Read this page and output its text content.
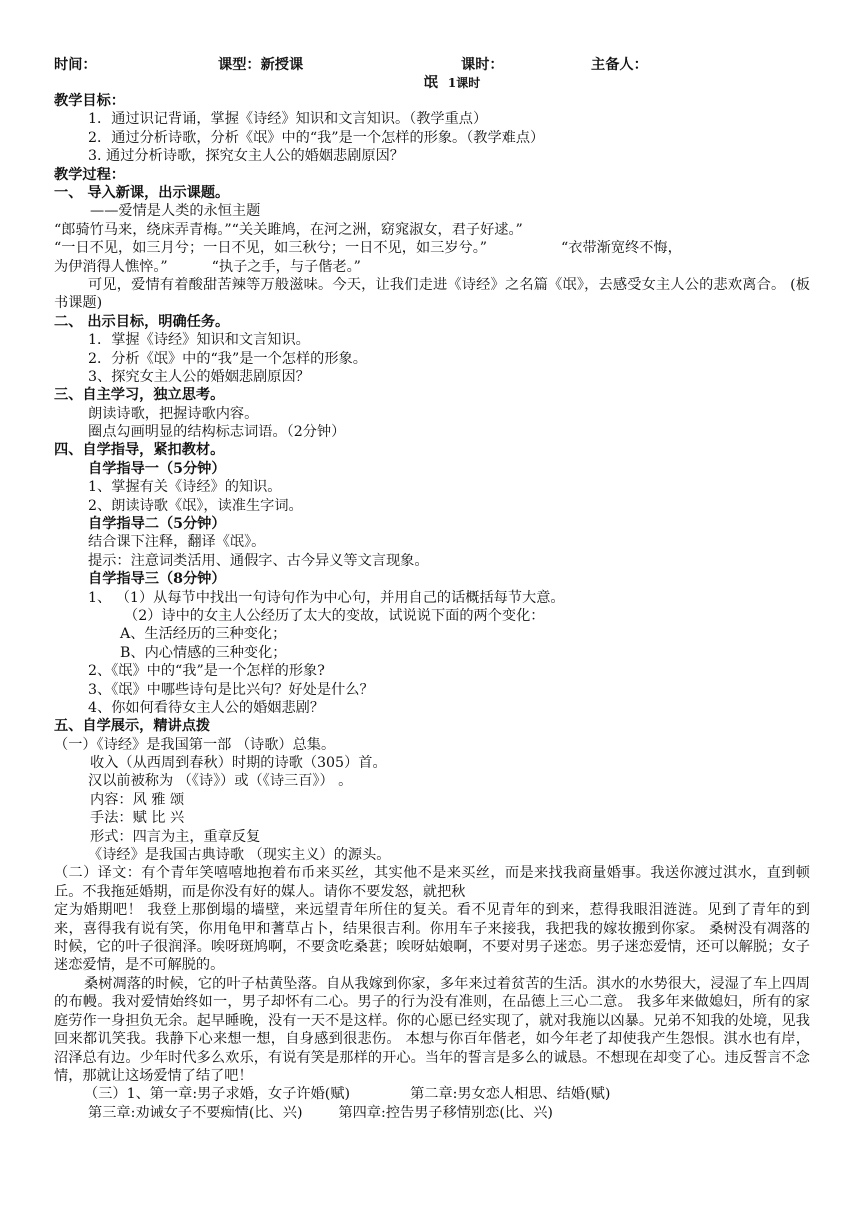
时间：	课型：新授课	课时：	主备人：
氓 1课时
教学目标：
1．通过识记背诵，掌握《诗经》知识和文言知识。（教学重点）
2．通过分析诗歌，分析《氓》中的“我”是一个怎样的形象。（教学难点）
3. 通过分析诗歌，探究女主人公的婚姻悲剧原因？
教学过程：
一、 导入新课，出示课题。
——爱情是人类的永恒主题
“郎骑竹马来，绕床弄青梅。”“关关雎鸠，在河之洲，窈窕淑女，君子好逑。”
“一日不见，如三月兮；一日不见，如三秋兮；一日不见，如三岁兮。”	“衣带渐宽终不悔，
为伊消得人憔悴。”	“执子之手，与子偕老。”
可见，爱情有着酸甜苦辣等万般滋味。今天，让我们走进《诗经》之名篇《氓》，去感受女主人公的悲欢离合。 (板书课题)
二、 出示目标，明确任务。
1．掌握《诗经》知识和文言知识。
2．分析《氓》中的“我”是一个怎样的形象。
3、探究女主人公的婚姻悲剧原因？
三、自主学习，独立思考。
朗读诗歌，把握诗歌内容。
圈点勾画明显的结构标志词语。（2分钟）
四、自学指导，紧扣教材。
自学指导一（5分钟）
1、掌握有关《诗经》的知识。
2、朗读诗歌《氓》，读准生字词。
自学指导二（5分钟）
结合课下注释，翻译《氓》。
提示：注意词类活用、通假字、古今异义等文言现象。
自学指导三（8分钟）
1、 （1）从每节中找出一句诗句作为中心句，并用自己的话概括每节大意。
（2）诗中的女主人公经历了太大的变故，试说说下面的两个变化：
A、生活经历的三种变化；
B、内心情感的三种变化；
2、《氓》中的“我”是一个怎样的形象?
3、《氓》中哪些诗句是比兴句？好处是什么？
4、你如何看待女主人公的婚姻悲剧？
五、自学展示，精讲点拨
（一）《诗经》是我国第一部 （诗歌）总集。
收入（从西周到春秋）时期的诗歌（305）首。
汉以前被称为 （《诗》）或（《诗三百》） 。
内容：风 雅 颂
手法：赋 比 兴
形式：四言为主，重章反复
《诗经》是我国古典诗歌 （现实主义）的源头。
（二）译文：有个青年笑嘻嘻地抱着布币来买丝，其实他不是来买丝，而是来找我商量婚事。我送你渡过淇水，直到顿丘。不我拖延婚期，而是你没有好的媒人。请你不要发怒，就把秋
定为婚期吧！ 我登上那倒塌的墙壁，来远望青年所住的复关。看不见青年的到来，惹得我眼泪涟涟。见到了青年的到来，喜得我有说有笑，你用龟甲和蓍草占卜，结果很吉利。你用车子来接我，我把我的嫁妆搬到你家。 桑树没有凋落的时候，它的叶子很润泽。唉呀斑鸠啊，不要贪吃桑葚；唉呀姑娘啊，不要对男子迷恋。男子迷恋爱情，还可以解脱；女子迷恋爱情，是不可解脱的。
桑树凋落的时候，它的叶子枯黄坠落。自从我嫁到你家，多年来过着贫苦的生活。淇水的水势很大，浸湿了车上四周的布幔。我对爱情始终如一，男子却怀有二心。男子的行为没有准则，在品德上三心二意。 我多年来做媳妇，所有的家庭劳作一身担负无余。起早睡晚，没有一天不是这样。你的心愿已经实现了，就对我施以凶暴。兄弟不知我的处境，见我回来都讥笑我。我静下心来想一想，自身感到很悲伤。 本想与你百年偕老，如今年老了却使我产生怨恨。淇水也有岸，沼泽总有边。少年时代多么欢乐，有说有笑是那样的开心。当年的誓言是多么的诚恳。不想现在却变了心。违反誓言不念情，那就让这场爱情了结了吧！
（三）1、第一章:男子求婚，女子许婚(赋)	第二章:男女恋人相思、结婚(赋)
第三章:劝诫女子不要痴情(比、兴)	第四章:控告男子移情别恋(比、兴)
